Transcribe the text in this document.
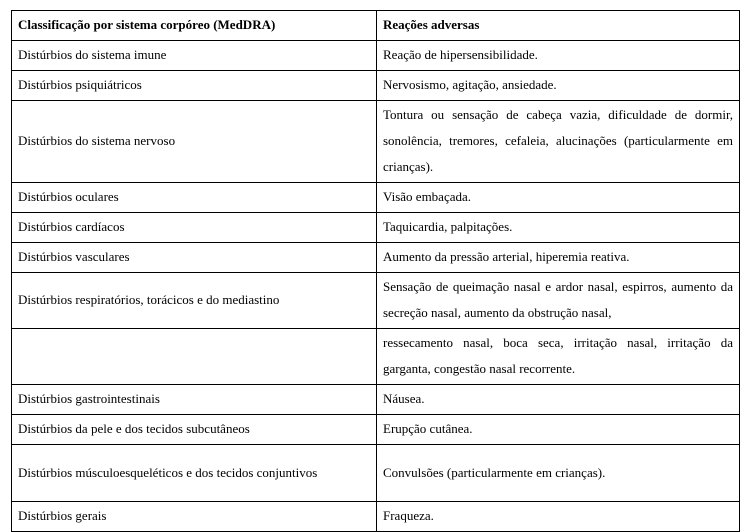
Classificação por sistema corpóreo (MedDRA)	Reações adversas
Distúrbios do sistema imune	Reação de hipersensibilidade.
Distúrbios psiquiátricos	Nervosismo, agitação, ansiedade.
Distúrbios do sistema nervoso	Tontura ou sensação de cabeça vazia, dificuldade de dormir, sonolência, tremores, cefaleia, alucinações (particularmente em crianças).
Distúrbios oculares	Visão embaçada.
Distúrbios cardíacos	Taquicardia, palpitações.
Distúrbios vasculares	Aumento da pressão arterial, hiperemia reativa.
Distúrbios respiratórios, torácicos e do mediastino	Sensação de queimação nasal e ardor nasal, espirros, aumento da secreção nasal, aumento da obstrução nasal,
	ressecamento nasal, boca seca, irritação nasal, irritação da garganta, congestão nasal recorrente.
Distúrbios gastrointestinais	Náusea.
Distúrbios da pele e dos tecidos subcutâneos	Erupção cutânea.
Distúrbios músculoesqueléticos e dos tecidos conjuntivos	Convulsões (particularmente em crianças).
Distúrbios gerais	Fraqueza.
